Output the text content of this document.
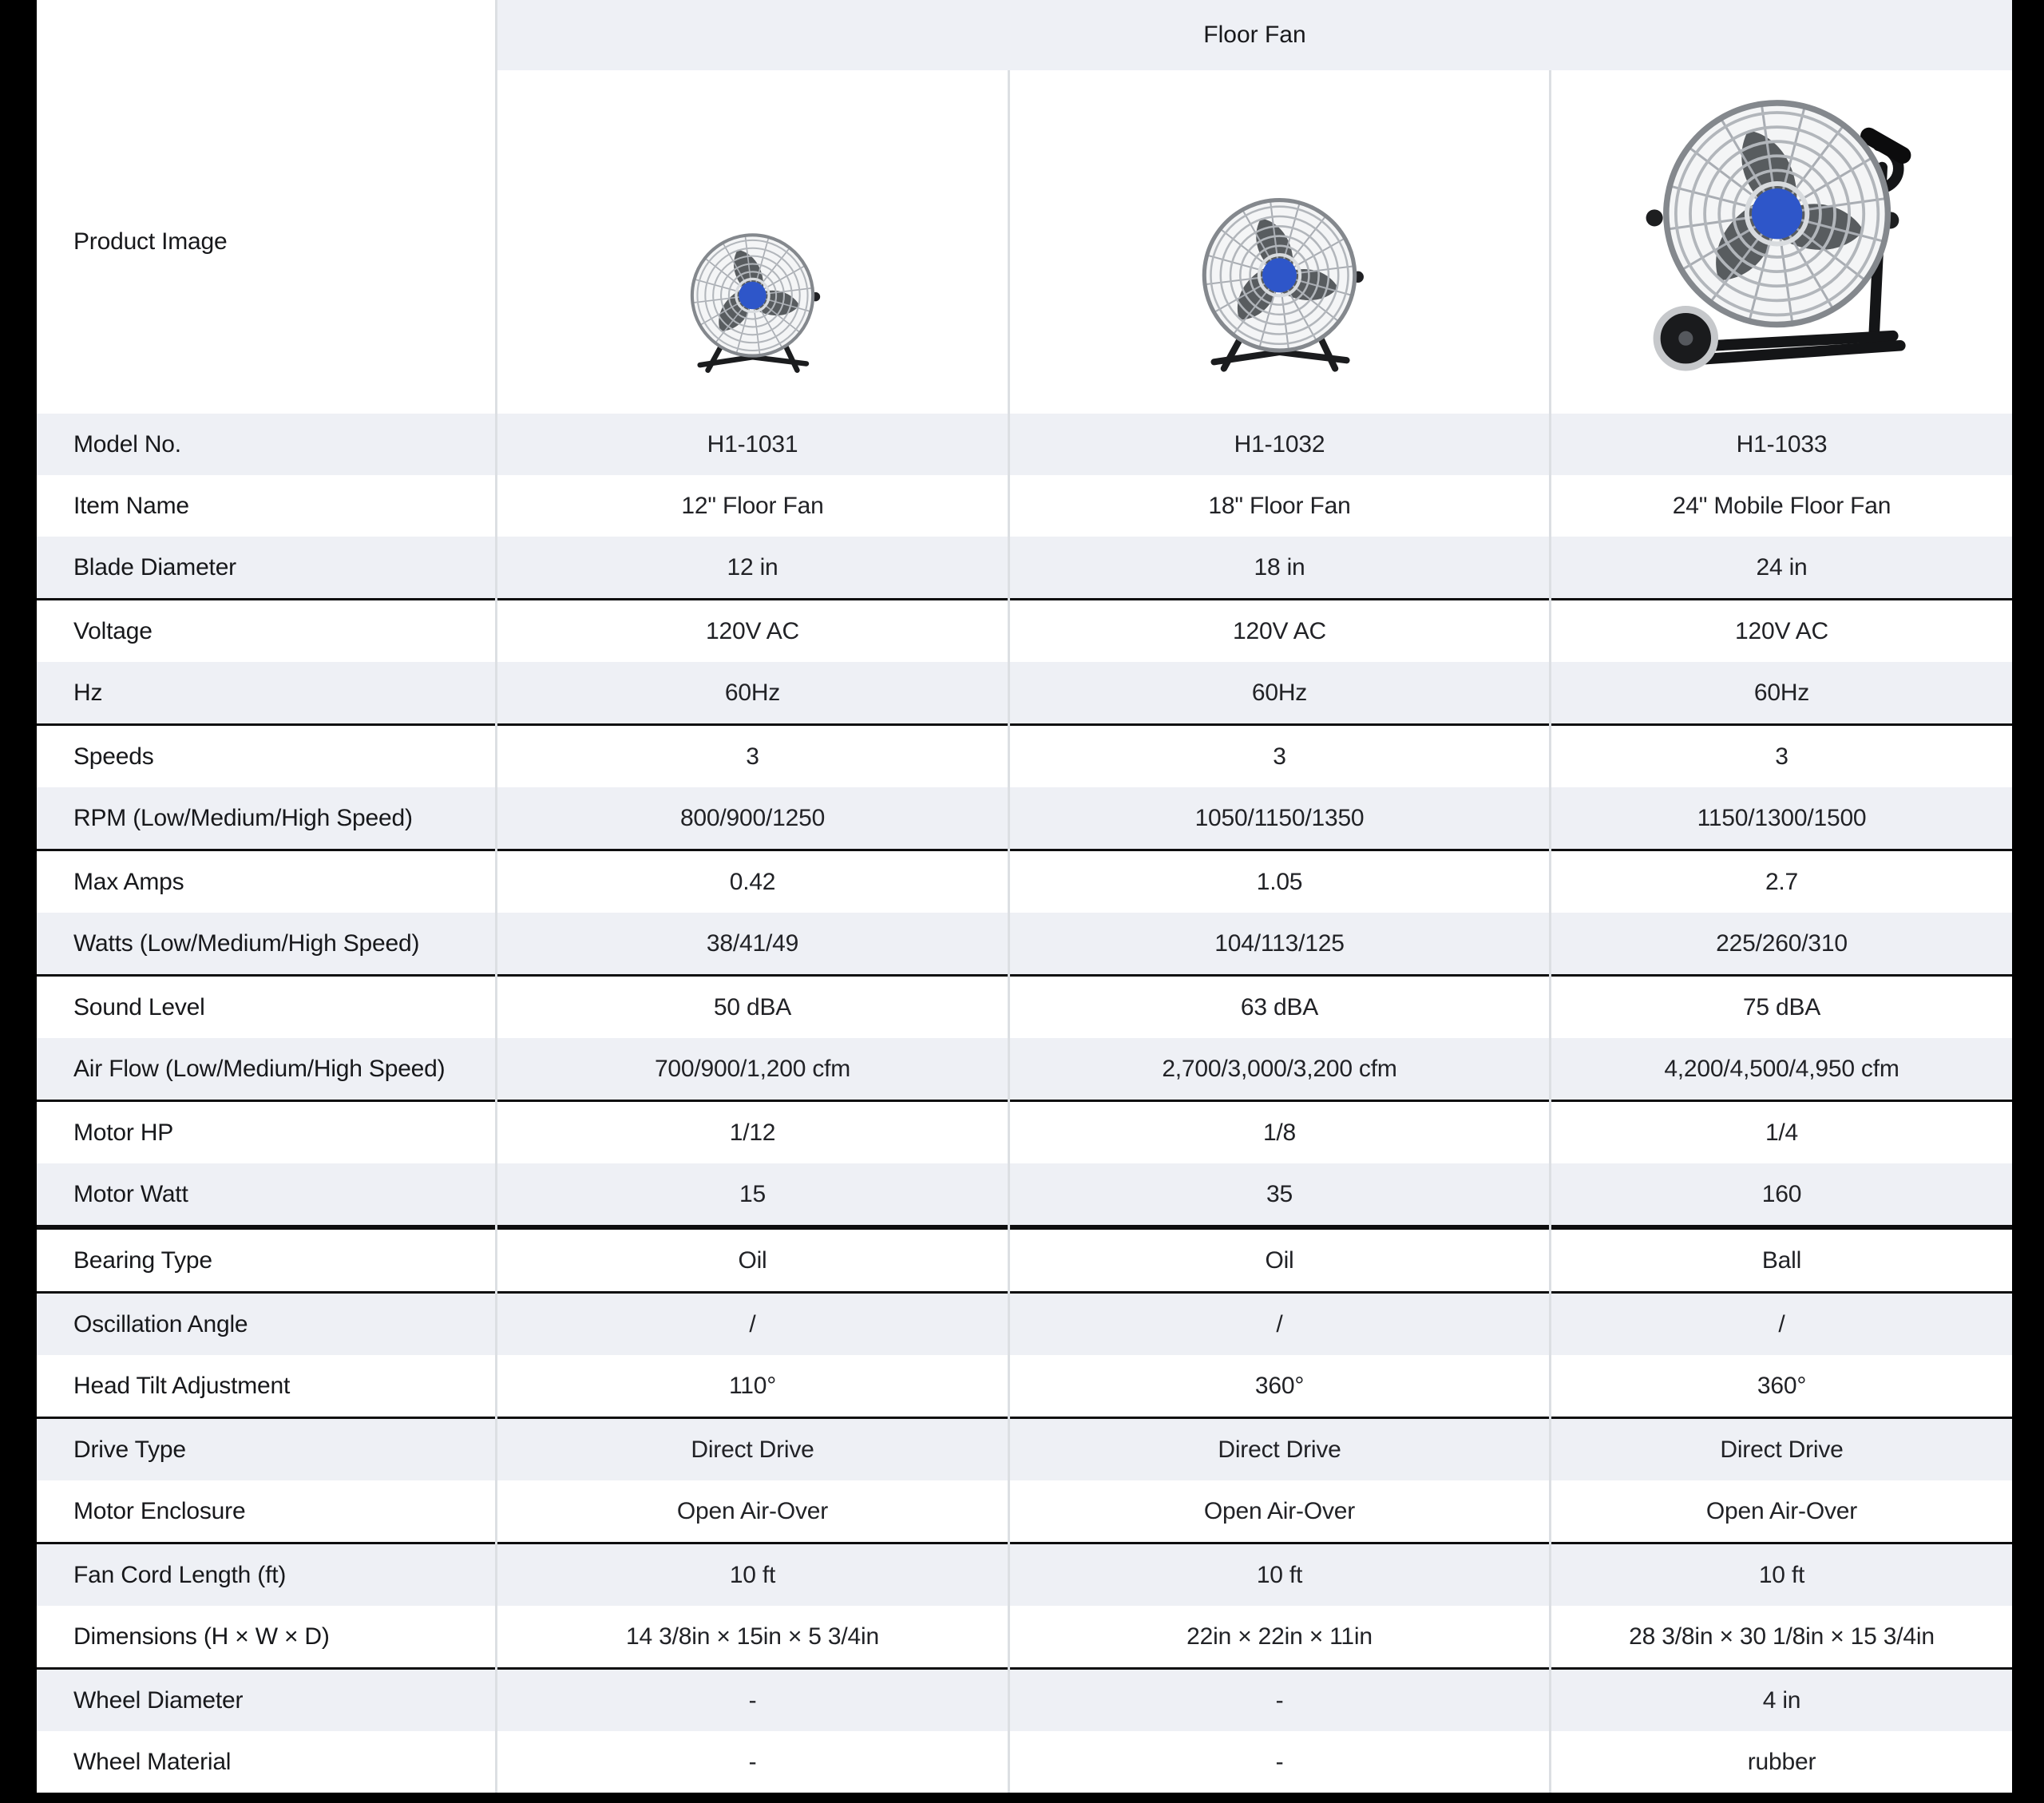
Floor Fan
Product Image
Model No.	H1-1031	H1-1032	H1-1033
Item Name	12" Floor Fan	18" Floor Fan	24" Mobile Floor Fan
Blade Diameter	12 in	18 in	24 in
Voltage	120V AC	120V AC	120V AC
Hz	60Hz	60Hz	60Hz
Speeds	3	3	3
RPM (Low/Medium/High Speed)	800/900/1250	1050/1150/1350	1150/1300/1500
Max Amps	0.42	1.05	2.7
Watts (Low/Medium/High Speed)	38/41/49	104/113/125	225/260/310
Sound Level	50 dBA	63 dBA	75 dBA
Air Flow (Low/Medium/High Speed)	700/900/1,200 cfm	2,700/3,000/3,200 cfm	4,200/4,500/4,950 cfm
Motor HP	1/12	1/8	1/4
Motor Watt	15	35	160
Bearing Type	Oil	Oil	Ball
Oscillation Angle	/	/	/
Head Tilt Adjustment	110°	360°	360°
Drive Type	Direct Drive	Direct Drive	Direct Drive
Motor Enclosure	Open Air-Over	Open Air-Over	Open Air-Over
Fan Cord Length (ft)	10 ft	10 ft	10 ft
Dimensions (H × W × D)	14 3/8in × 15in × 5 3/4in	22in × 22in × 11in	28 3/8in × 30 1/8in × 15 3/4in
Wheel Diameter	-	-	4 in
Wheel Material	-	-	rubber
